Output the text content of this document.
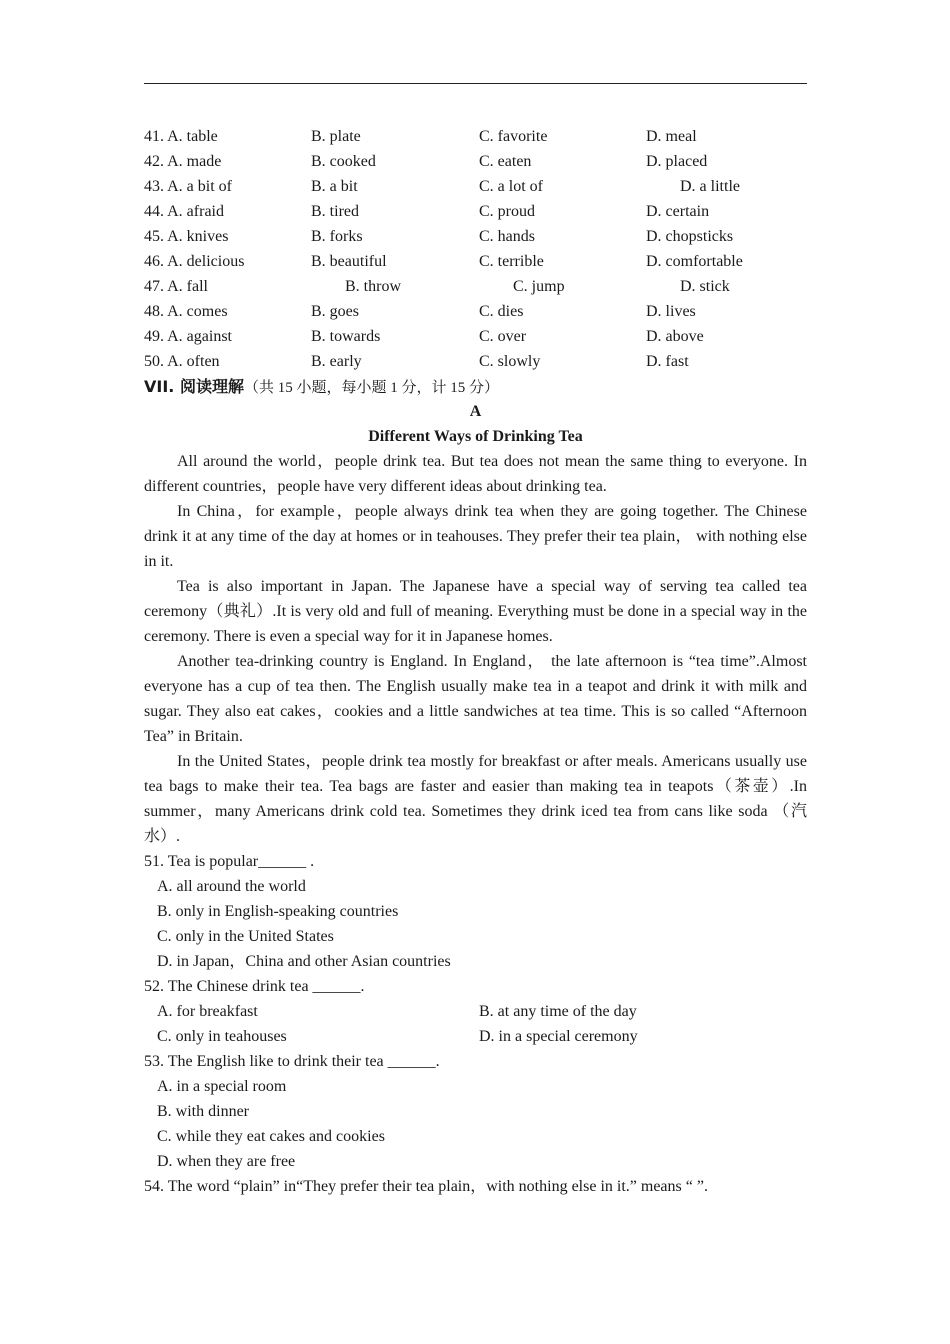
41. A. table	B. plate	C. favorite	D. meal
42. A. made	B. cooked	C. eaten	D. placed
43. A. a bit of	B. a bit	C. a lot of	D. a little
44. A. afraid	B. tired	C. proud	D. certain
45. A. knives	B. forks	C. hands	D. chopsticks
46. A. delicious	B. beautiful	C. terrible	D. comfortable
47. A. fall	B. throw	C. jump	D. stick
48. A. comes	B. goes	C. dies	D. lives
49. A. against	B. towards	C. over	D. above
50. A. often	B. early	C. slowly	D. fast
VII. 阅读理解（共 15 小题，每小题 1 分，计 15 分）
A
Different Ways of Drinking Tea

All around the world，people drink tea. But tea does not mean the same thing to everyone. In different countries，people have very different ideas about drinking tea.

In China，for example，people always drink tea when they are going together. The Chinese drink it at any time of the day at homes or in teahouses. They prefer their tea plain， with nothing else in it.

Tea is also important in Japan. The Japanese have a special way of serving tea called tea ceremony（典礼）.It is very old and full of meaning. Everything must be done in a special way in the ceremony. There is even a special way for it in Japanese homes.

Another tea-drinking country is England. In England， the late afternoon is “tea time”.Almost everyone has a cup of tea then. The English usually make tea in a teapot and drink it with milk and sugar. They also eat cakes，cookies and a little sandwiches at tea time. This is so called “Afternoon Tea” in Britain.

In the United States，people drink tea mostly for breakfast or after meals. Americans usually use tea bags to make their tea. Tea bags are faster and easier than making tea in teapots（茶壶）.In summer，many Americans drink cold tea. Sometimes they drink iced tea from cans like soda （汽水）.

51. Tea is popular______ .
A. all around the world
B. only in English-speaking countries
C. only in the United States
D. in Japan，China and other Asian countries
52. The Chinese drink tea ______.
A. for breakfast	B. at any time of the day
C. only in teahouses	D. in a special ceremony
53. The English like to drink their tea ______.
A. in a special room
B. with dinner
C. while they eat cakes and cookies
D. when they are free
54. The word “plain” in“They prefer their tea plain，with nothing else in it.” means “ ”.
